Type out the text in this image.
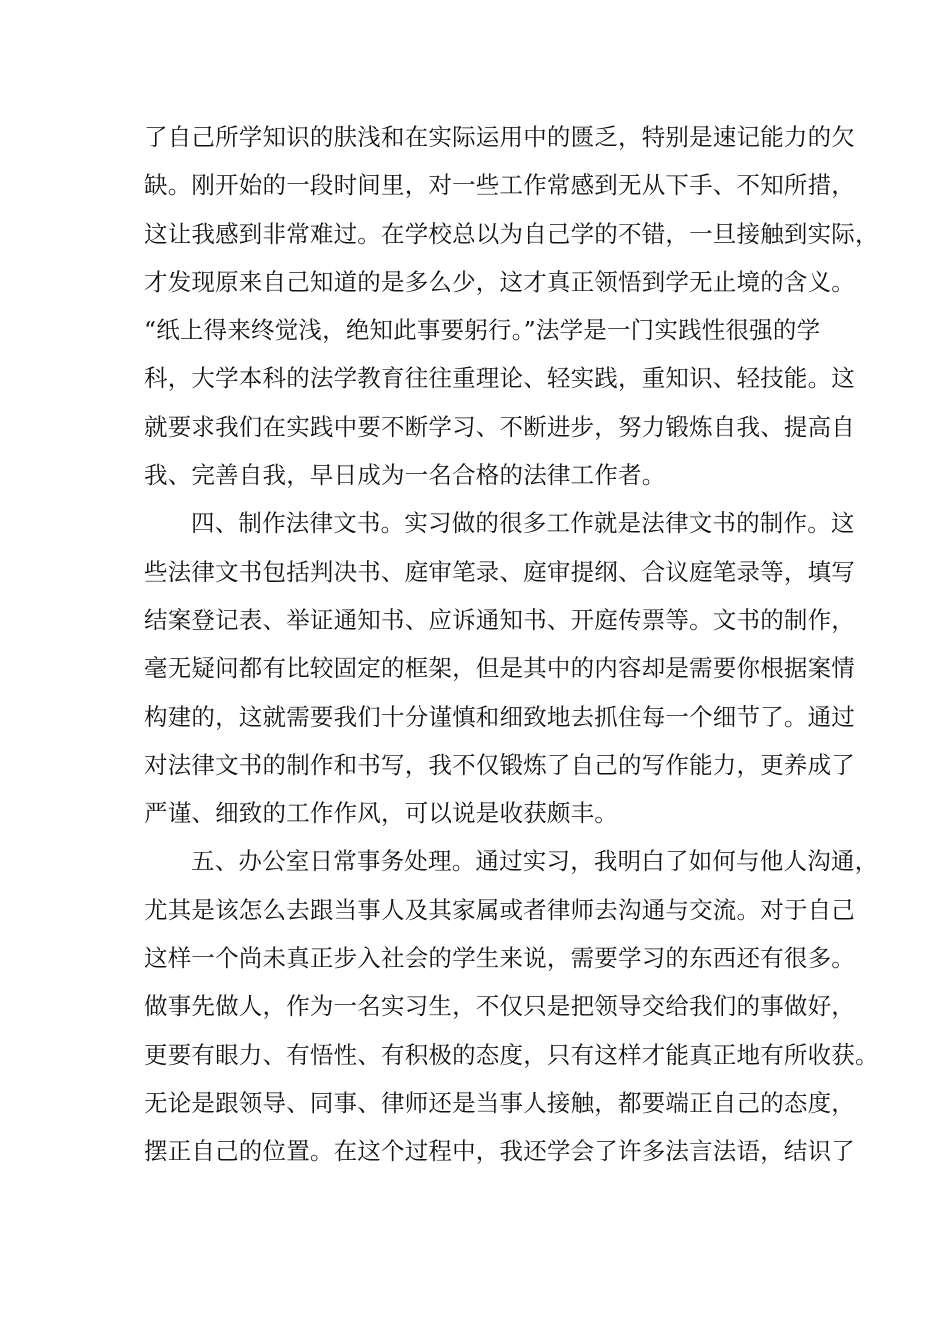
了自己所学知识的肤浅和在实际运用中的匮乏，特别是速记能力的欠
缺。刚开始的一段时间里，对一些工作常感到无从下手、不知所措，
这让我感到非常难过。在学校总以为自己学的不错，一旦接触到实际，
才发现原来自己知道的是多么少，这才真正领悟到学无止境的含义。
“纸上得来终觉浅，绝知此事要躬行。”法学是一门实践性很强的学
科，大学本科的法学教育往往重理论、轻实践，重知识、轻技能。这
就要求我们在实践中要不断学习、不断进步，努力锻炼自我、提高自
我、完善自我，早日成为一名合格的法律工作者。
四、制作法律文书。实习做的很多工作就是法律文书的制作。这
些法律文书包括判决书、庭审笔录、庭审提纲、合议庭笔录等，填写
结案登记表、举证通知书、应诉通知书、开庭传票等。文书的制作，
毫无疑问都有比较固定的框架，但是其中的内容却是需要你根据案情
构建的，这就需要我们十分谨慎和细致地去抓住每一个细节了。通过
对法律文书的制作和书写，我不仅锻炼了自己的写作能力，更养成了
严谨、细致的工作作风，可以说是收获颇丰。
五、办公室日常事务处理。通过实习，我明白了如何与他人沟通，
尤其是该怎么去跟当事人及其家属或者律师去沟通与交流。对于自己
这样一个尚未真正步入社会的学生来说，需要学习的东西还有很多。
做事先做人，作为一名实习生，不仅只是把领导交给我们的事做好，
更要有眼力、有悟性、有积极的态度，只有这样才能真正地有所收获。
无论是跟领导、同事、律师还是当事人接触，都要端正自己的态度，
摆正自己的位置。在这个过程中，我还学会了许多法言法语，结识了
